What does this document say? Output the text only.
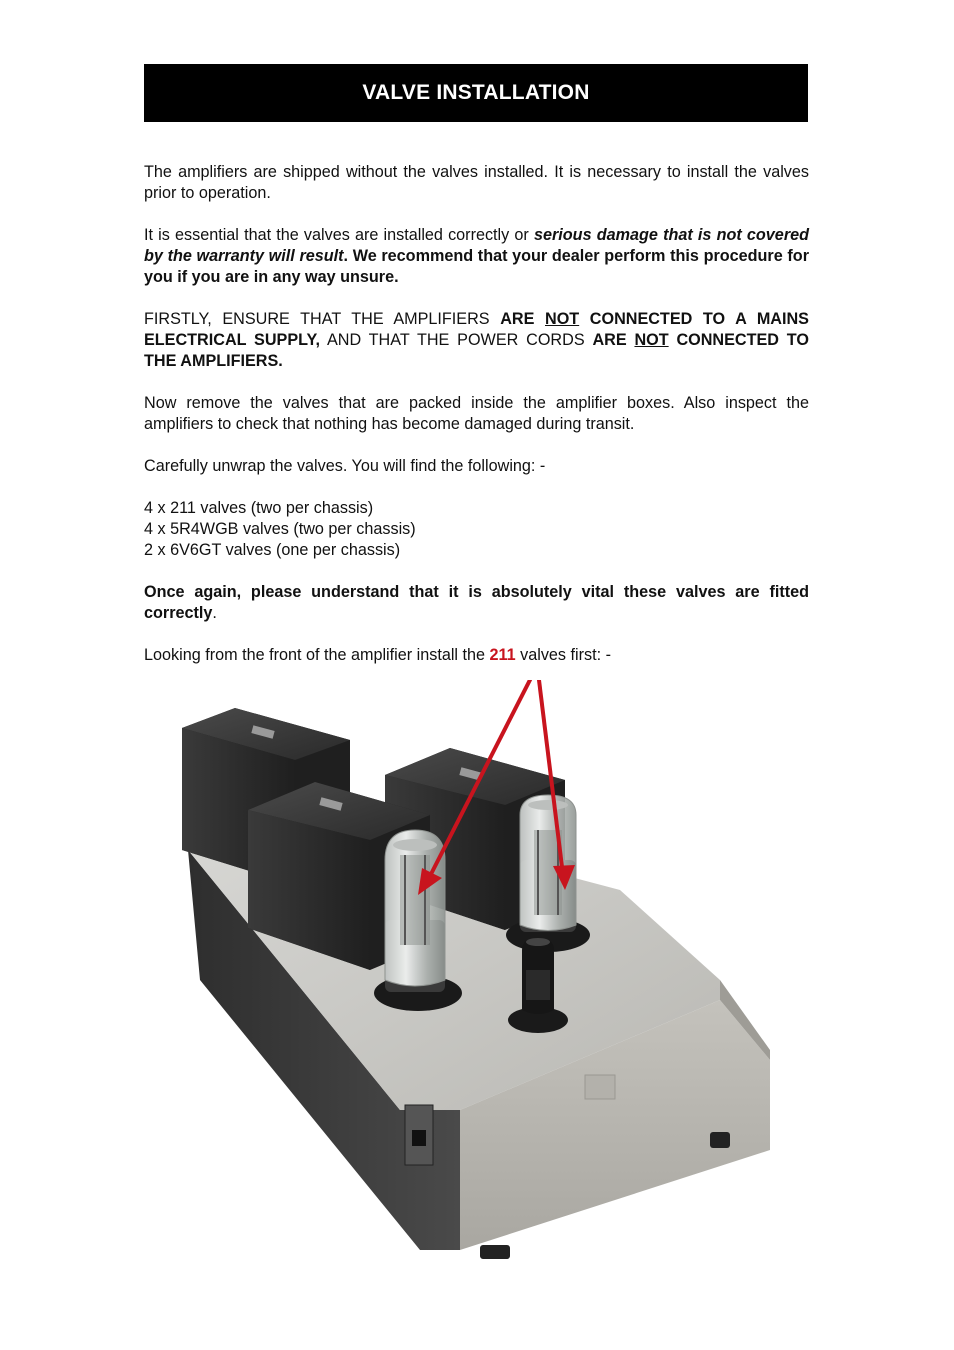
VALVE INSTALLATION

The amplifiers are shipped without the valves installed. It is necessary to install the valves prior to operation.

It is essential that the valves are installed correctly or serious damage that is not covered by the warranty will result. We recommend that your dealer perform this procedure for you if you are in any way unsure.

FIRSTLY, ENSURE THAT THE AMPLIFIERS ARE NOT CONNECTED TO A MAINS ELECTRICAL SUPPLY, AND THAT THE POWER CORDS ARE NOT CONNECTED TO THE AMPLIFIERS.

Now remove the valves that are packed inside the amplifier boxes. Also inspect the amplifiers to check that nothing has become damaged during transit.

Carefully unwrap the valves. You will find the following: -

4 x 211 valves (two per chassis)
4 x 5R4WGB valves (two per chassis)
2 x 6V6GT valves (one per chassis)

Once again, please understand that it is absolutely vital these valves are fitted correctly.

Looking from the front of the amplifier install the 211 valves first: -
